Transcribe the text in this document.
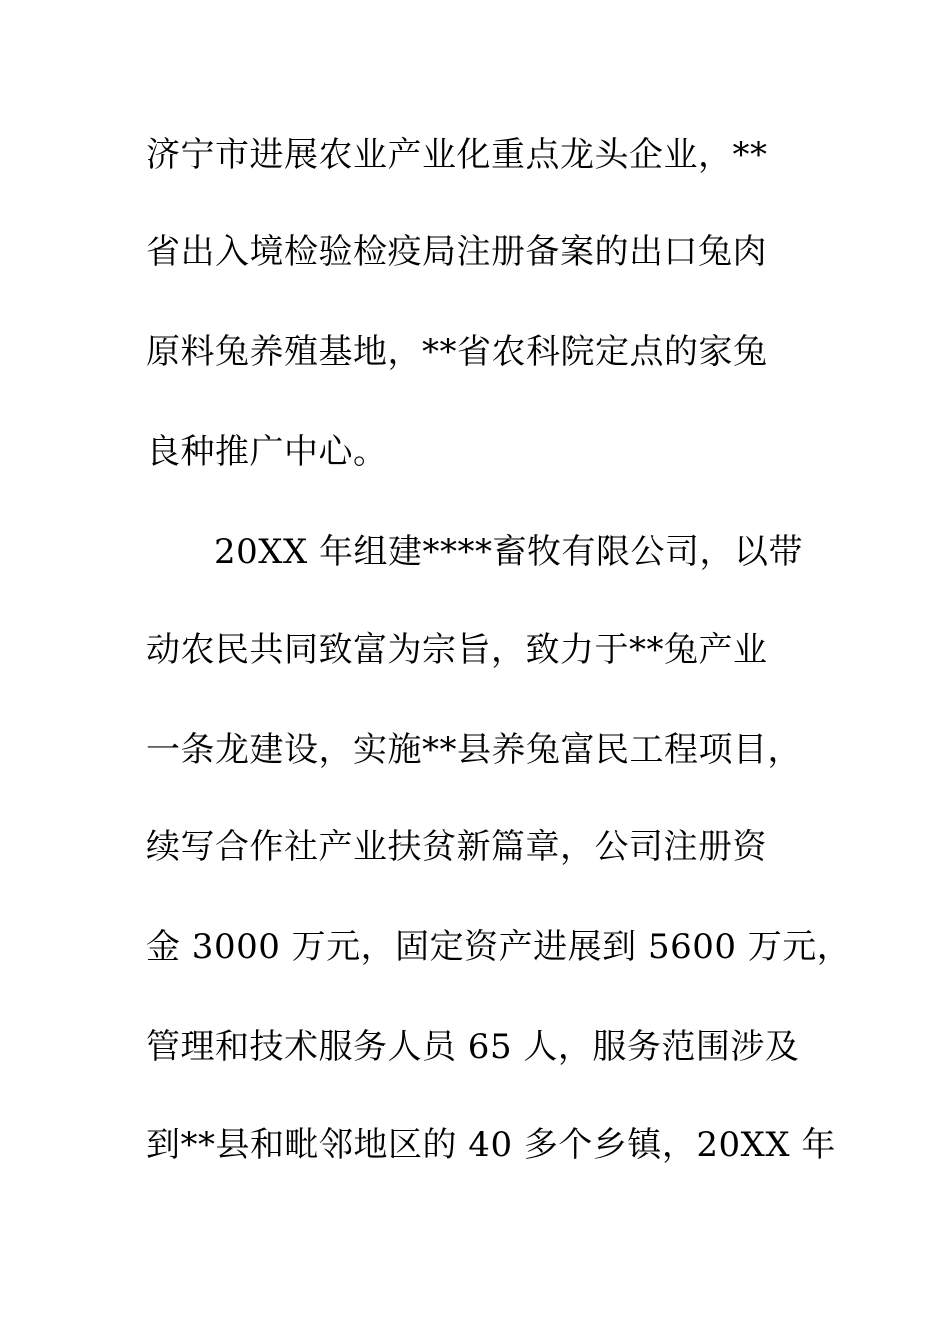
济宁市进展农业产业化重点龙头企业，**
省出入境检验检疫局注册备案的出口兔肉
原料兔养殖基地，**省农科院定点的家兔
良种推广中心。
20XX 年组建****畜牧有限公司，以带
动农民共同致富为宗旨，致力于**兔产业
一条龙建设，实施**县养兔富民工程项目，
续写合作社产业扶贫新篇章，公司注册资
金 3000 万元，固定资产进展到 5600 万元，
管理和技术服务人员 65 人，服务范围涉及
到**县和毗邻地区的 40 多个乡镇，20XX 年
